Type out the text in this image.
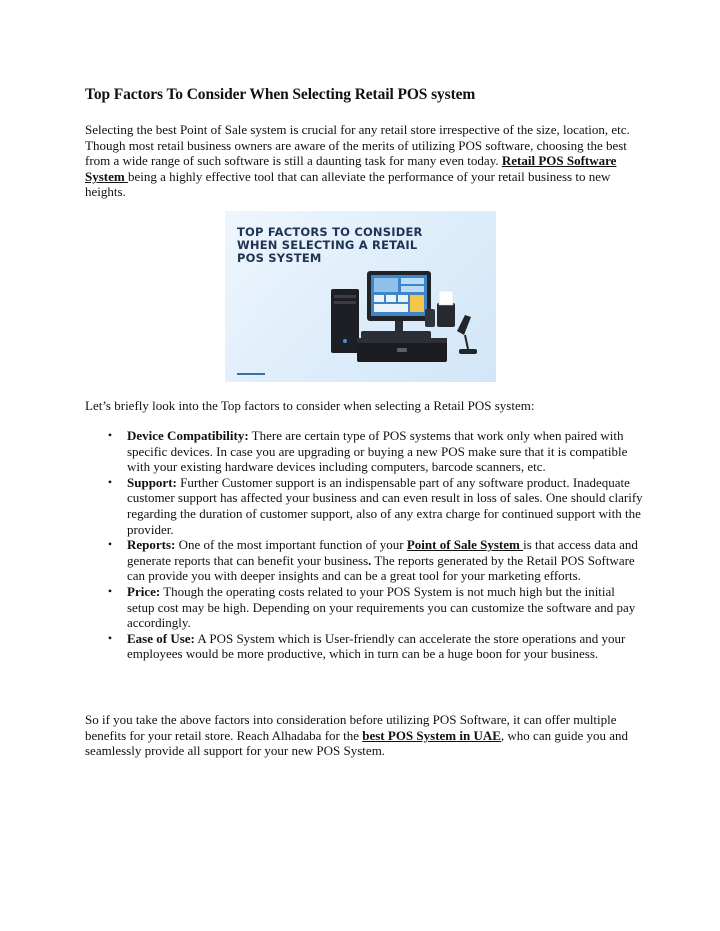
Top Factors To Consider When Selecting Retail POS system

Selecting the best Point of Sale system is crucial for any retail store irrespective of the size, location, etc. Though most retail business owners are aware of the merits of utilizing POS software, choosing the best from a wide range of such software is still a daunting task for many even today. Retail POS Software System being a highly effective tool that can alleviate the performance of your retail business to new heights.

TOP FACTORS TO CONSIDER WHEN SELECTING A RETAIL POS SYSTEM

Let’s briefly look into the Top factors to consider when selecting a Retail POS system:

• Device Compatibility: There are certain type of POS systems that work only when paired with specific devices. In case you are upgrading or buying a new POS make sure that it is compatible with your existing hardware devices including computers, barcode scanners, etc.
• Support: Further Customer support is an indispensable part of any software product. Inadequate customer support has affected your business and can even result in loss of sales. One should clarify regarding the duration of customer support, also of any extra charge for continued support with the provider.
• Reports: One of the most important function of your Point of Sale System is that access data and generate reports that can benefit your business. The reports generated by the Retail POS Software can provide you with deeper insights and can be a great tool for your marketing efforts.
• Price: Though the operating costs related to your POS System is not much high but the initial setup cost may be high. Depending on your requirements you can customize the software and pay accordingly.
• Ease of Use: A POS System which is User-friendly can accelerate the store operations and your employees would be more productive, which in turn can be a huge boon for your business.

So if you take the above factors into consideration before utilizing POS Software, it can offer multiple benefits for your retail store. Reach Alhadaba for the best POS System in UAE, who can guide you and seamlessly provide all support for your new POS System.
